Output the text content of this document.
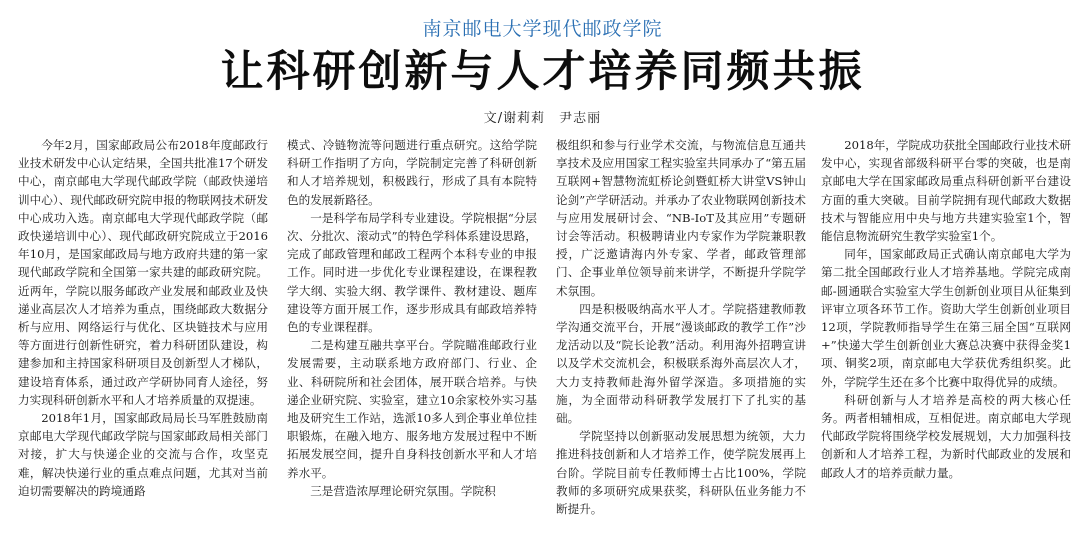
南京邮电大学现代邮政学院
让科研创新与人才培养同频共振
文/谢莉莉　尹志丽

今年2月，国家邮政局公布2018年度邮政行业技术研发中心认定结果，全国共批准17个研发中心，南京邮电大学现代邮政学院（邮政快递培训中心）、现代邮政研究院申报的物联网技术研发中心成功入选。南京邮电大学现代邮政学院（邮政快递培训中心）、现代邮政研究院成立于2016年10月，是国家邮政局与地方政府共建的第一家现代邮政学院和全国第一家共建的邮政研究院。近两年，学院以服务邮政产业发展和邮政业及快递业高层次人才培养为重点，围绕邮政大数据分析与应用、网络运行与优化、区块链技术与应用等方面进行创新性研究，着力科研团队建设，构建参加和主持国家科研项目及创新型人才梯队，建设培育体系，通过政产学研协同育人途径，努力实现科研创新水平和人才培养质量的双提速。

2018年1月，国家邮政局局长马军胜鼓励南京邮电大学现代邮政学院与国家邮政局相关部门对接，扩大与快递企业的交流与合作，攻坚克难，解决快递行业的重点难点问题，尤其对当前迫切需要解决的跨境通路

模式、冷链物流等问题进行重点研究。这给学院科研工作指明了方向，学院制定完善了科研创新和人才培养规划，积极践行，形成了具有本院特色的发展新路径。

一是科学布局学科专业建设。学院根据“分层次、分批次、滚动式”的特色学科体系建设思路，完成了邮政管理和邮政工程两个本科专业的申报工作。同时进一步优化专业课程建设，在课程教学大纲、实验大纲、教学课件、教材建设、题库建设等方面开展工作，逐步形成具有邮政培养特色的专业课程群。

二是构建互融共享平台。学院瞄准邮政行业发展需要，主动联系地方政府部门、行业、企业、科研院所和社会团体，展开联合培养。与快递企业研究院、实验室，建立10余家校外实习基地及研究生工作站，选派10多人到企事业单位挂职锻炼，在融入地方、服务地方发展过程中不断拓展发展空间，提升自身科技创新水平和人才培养水平。

三是营造浓厚理论研究氛围。学院积

极组织和参与行业学术交流，与物流信息互通共享技术及应用国家工程实验室共同承办了“第五届互联网+智慧物流虹桥论剑暨虹桥大讲堂VS钟山论剑”产学研活动。并承办了农业物联网创新技术与应用发展研讨会、“NB-IoT及其应用”专题研讨会等活动。积极聘请业内专家作为学院兼职教授，广泛邀请海内外专家、学者，邮政管理部门、企事业单位领导前来讲学，不断提升学院学术氛围。

四是积极吸纳高水平人才。学院搭建教师教学沟通交流平台，开展“漫谈邮政的教学工作”沙龙活动以及“院长论教”活动。利用海外招聘宣讲以及学术交流机会，积极联系海外高层次人才，大力支持教师赴海外留学深造。多项措施的实施，为全面带动科研教学发展打下了扎实的基础。

学院坚持以创新驱动发展思想为统领，大力推进科技创新和人才培养工作，使学院发展再上台阶。学院目前专任教师博士占比100%，学院教师的多项研究成果获奖，科研队伍业务能力不断提升。

2018年，学院成功获批全国邮政行业技术研发中心，实现省部级科研平台零的突破，也是南京邮电大学在国家邮政局重点科研创新平台建设方面的重大突破。目前学院拥有现代邮政大数据技术与智能应用中央与地方共建实验室1个，智能信息物流研究生教学实验室1个。

同年，国家邮政局正式确认南京邮电大学为第二批全国邮政行业人才培养基地。学院完成南邮-圆通联合实验室大学生创新创业项目从征集到评审立项各环节工作。资助大学生创新创业项目12项，学院教师指导学生在第三届全国“互联网+”快递大学生创新创业大赛总决赛中获得金奖1项、铜奖2项，南京邮电大学获优秀组织奖。此外，学院学生还在多个比赛中取得优异的成绩。

科研创新与人才培养是高校的两大核心任务。两者相辅相成，互相促进。南京邮电大学现代邮政学院将围绕学校发展规划，大力加强科技创新和人才培养工程，为新时代邮政业的发展和邮政人才的培养贡献力量。
